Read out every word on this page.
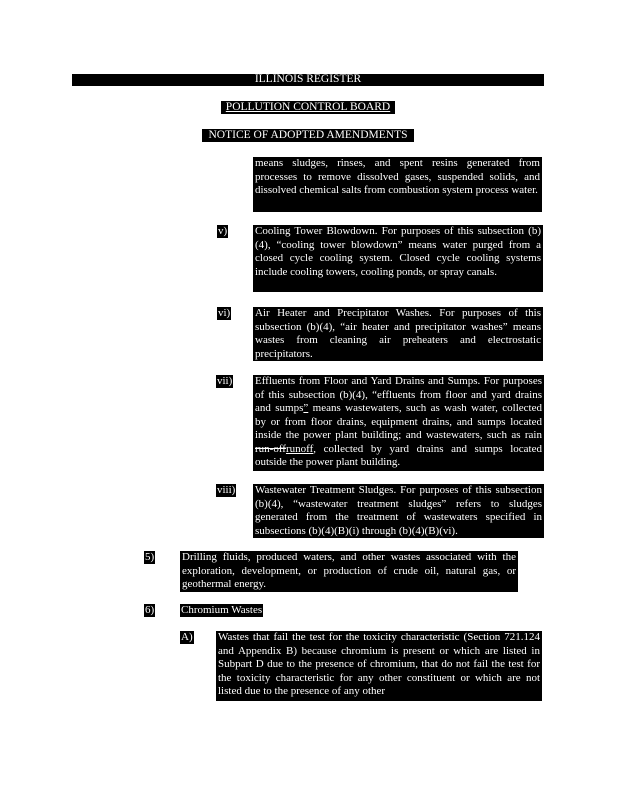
ILLINOIS REGISTER
POLLUTION CONTROL BOARD
NOTICE OF ADOPTED AMENDMENTS
means sludges, rinses, and spent resins generated from processes to remove dissolved gases, suspended solids, and dissolved chemical salts from combustion system process water.
v)	Cooling Tower Blowdown. For purposes of this subsection (b)(4), “cooling tower blowdown” means water purged from a closed cycle cooling system. Closed cycle cooling systems include cooling towers, cooling ponds, or spray canals.
vi) Air Heater and Precipitator Washes. For purposes of this subsection (b)(4), “air heater and precipitator washes” means wastes from cleaning air preheaters and electrostatic precipitators.
vii) Effluents from Floor and Yard Drains and Sumps. For purposes of this subsection (b)(4), “effluents from floor and yard drains and sumps” means wastewaters, such as wash water, collected by or from floor drains, equipment drains, and sumps located inside the power plant building; and wastewaters, such as rain run-offrunoff, collected by yard drains and sumps located outside the power plant building.
viii) Wastewater Treatment Sludges. For purposes of this subsection (b)(4), “wastewater treatment sludges” refers to sludges generated from the treatment of wastewaters specified in subsections (b)(4)(B)(i) through (b)(4)(B)(vi).
5)	Drilling fluids, produced waters, and other wastes associated with the exploration, development, or production of crude oil, natural gas, or geothermal energy.
6) Chromium Wastes
A) Wastes that fail the test for the toxicity characteristic (Section 721.124 and Appendix B) because chromium is present or which are listed in Subpart D due to the presence of chromium, that do not fail the test for the toxicity characteristic for any other constituent or which are not listed due to the presence of any other
